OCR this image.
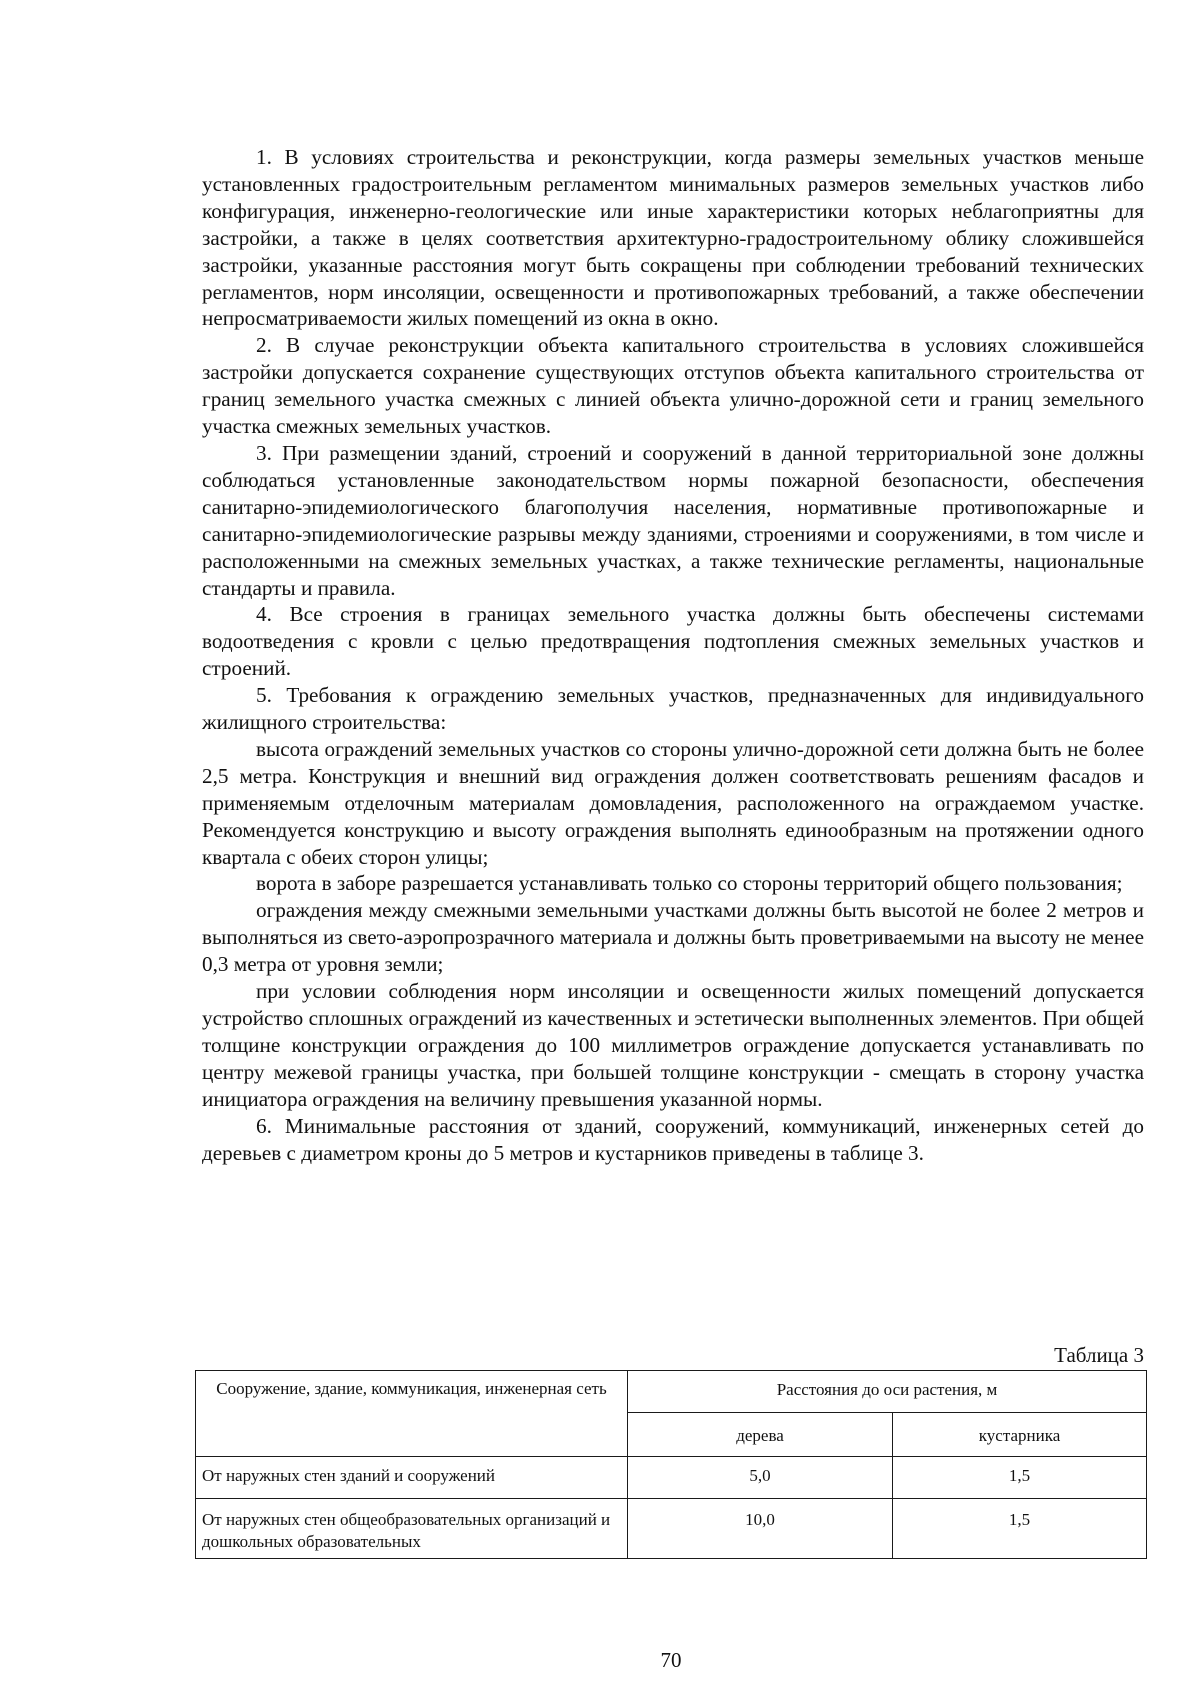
1. В условиях строительства и реконструкции, когда размеры земельных участков меньше установленных градостроительным регламентом минимальных размеров земельных участков либо конфигурация, инженерно-геологические или иные характеристики которых неблагоприятны для застройки, а также в целях соответствия архитектурно-градостроительному облику сложившейся застройки, указанные расстояния могут быть сокращены при соблюдении требований технических регламентов, норм инсоляции, освещенности и противопожарных требований, а также обеспечении непросматриваемости жилых помещений из окна в окно.

2. В случае реконструкции объекта капитального строительства в условиях сложившейся застройки допускается сохранение существующих отступов объекта капитального строительства от границ земельного участка смежных с линией объекта улично-дорожной сети и границ земельного участка смежных земельных участков.

3. При размещении зданий, строений и сооружений в данной территориальной зоне должны соблюдаться установленные законодательством нормы пожарной безопасности, обеспечения санитарно-эпидемиологического благополучия населения, нормативные противопожарные и санитарно-эпидемиологические разрывы между зданиями, строениями и сооружениями, в том числе и расположенными на смежных земельных участках, а также технические регламенты, национальные стандарты и правила.

4. Все строения в границах земельного участка должны быть обеспечены системами водоотведения с кровли с целью предотвращения подтопления смежных земельных участков и строений.

5. Требования к ограждению земельных участков, предназначенных для индивидуального жилищного строительства:

высота ограждений земельных участков со стороны улично-дорожной сети должна быть не более 2,5 метра. Конструкция и внешний вид ограждения должен соответствовать решениям фасадов и применяемым отделочным материалам домовладения, расположенного на ограждаемом участке. Рекомендуется конструкцию и высоту ограждения выполнять единообразным на протяжении одного квартала с обеих сторон улицы;

ворота в заборе разрешается устанавливать только со стороны территорий общего пользования;

ограждения между смежными земельными участками должны быть высотой не более 2 метров и выполняться из свето-аэропрозрачного материала и должны быть проветриваемыми на высоту не менее 0,3 метра от уровня земли;

при условии соблюдения норм инсоляции и освещенности жилых помещений допускается устройство сплошных ограждений из качественных и эстетически выполненных элементов. При общей толщине конструкции ограждения до 100 миллиметров ограждение допускается устанавливать по центру межевой границы участка, при большей толщине конструкции - смещать в сторону участка инициатора ограждения на величину превышения указанной нормы.

6. Минимальные расстояния от зданий, сооружений, коммуникаций, инженерных сетей до деревьев с диаметром кроны до 5 метров и кустарников приведены в таблице 3.

Таблица 3
Сооружение, здание, коммуникация, инженерная сеть	Расстояния до оси растения, м	
	дерева	кустарника
От наружных стен зданий и сооружений	5,0	1,5
От наружных стен общеобразовательных организаций и дошкольных образовательных	10,0	1,5
70
